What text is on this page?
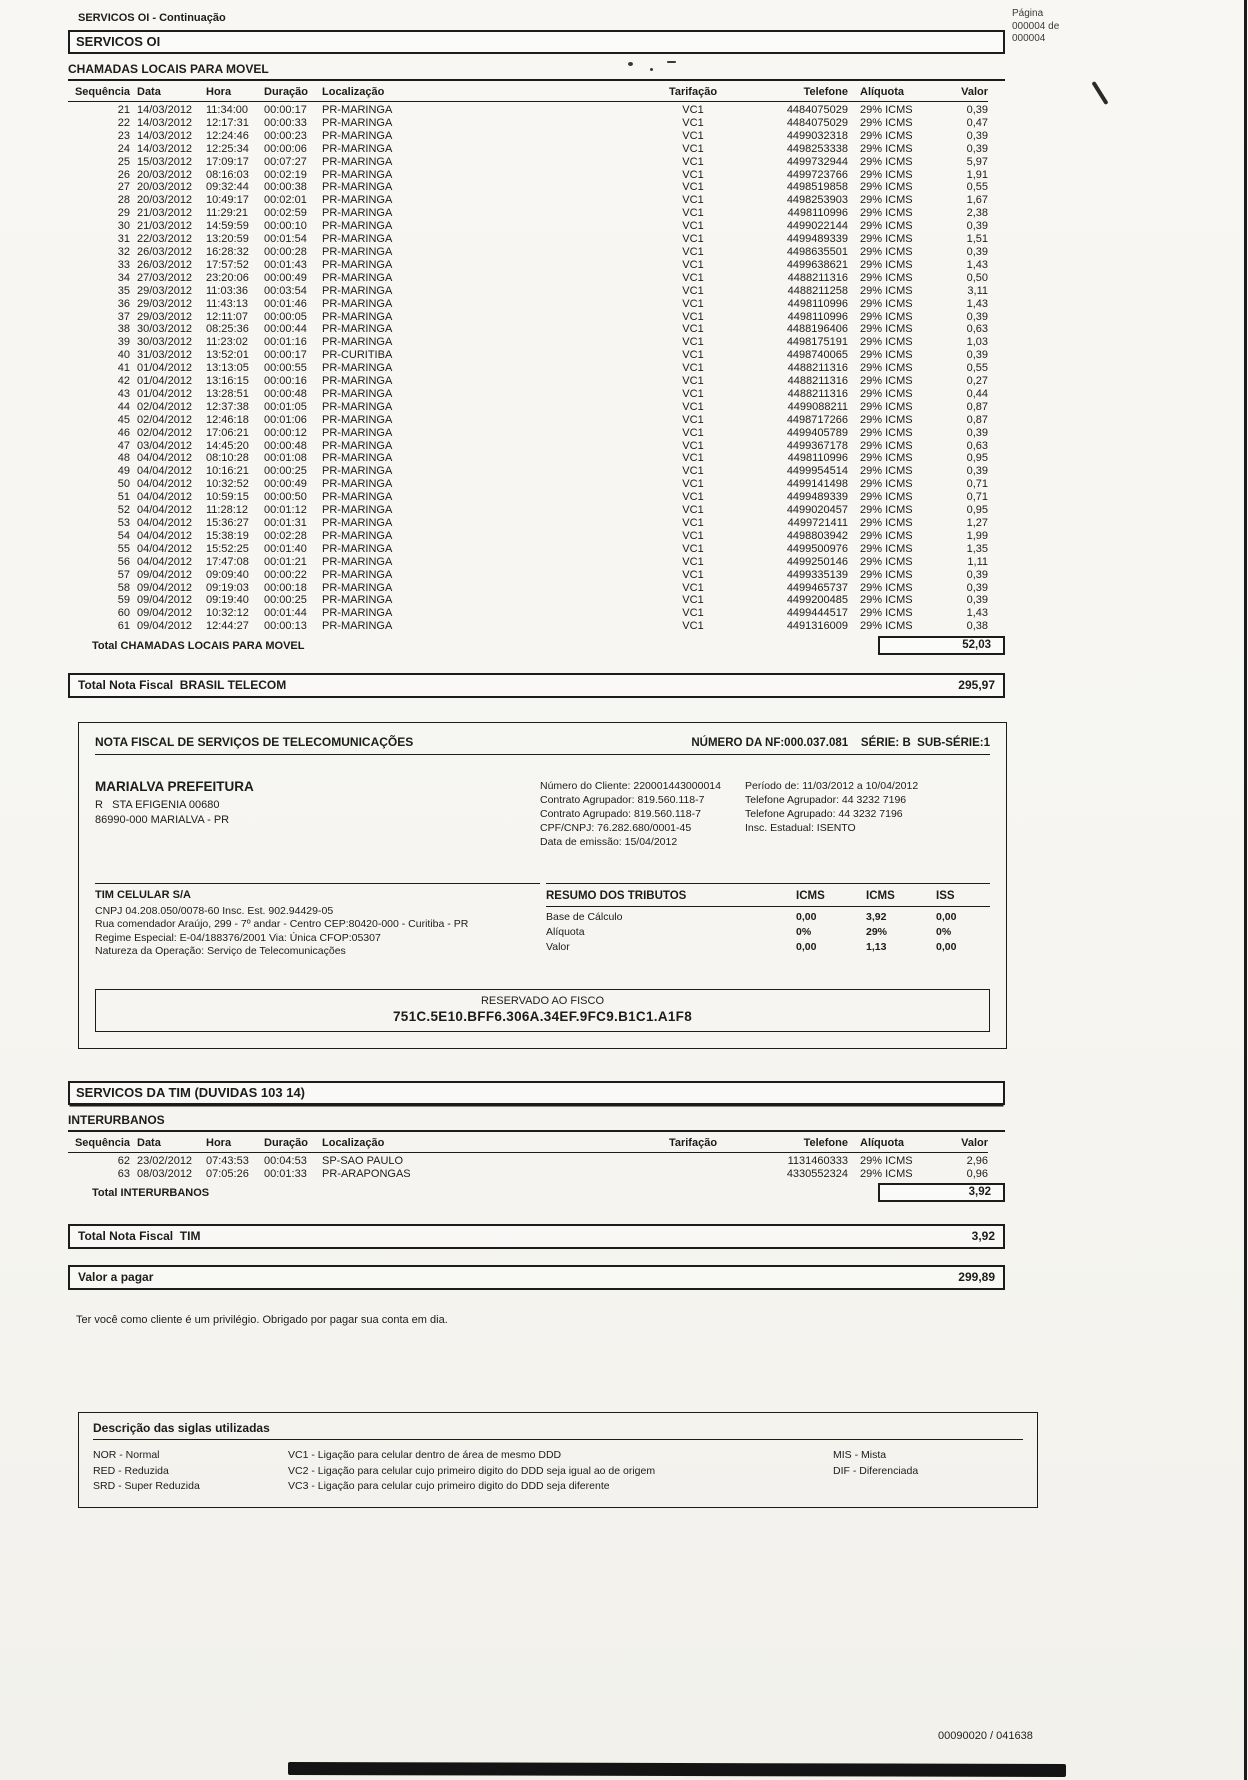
SERVICOS OI - Continuação	Página
000004 de
000004
SERVICOS OI
CHAMADAS LOCAIS PARA MOVEL
Sequência	Data	Hora	Duração	Localização	Tarifação	Telefone	Alíquota	Valor
21	14/03/2012	11:34:00	00:00:17	PR-MARINGA	VC1	4484075029	29% ICMS	0,39
22	14/03/2012	12:17:31	00:00:33	PR-MARINGA	VC1	4484075029	29% ICMS	0,47
23	14/03/2012	12:24:46	00:00:23	PR-MARINGA	VC1	4499032318	29% ICMS	0,39
24	14/03/2012	12:25:34	00:00:06	PR-MARINGA	VC1	4498253338	29% ICMS	0,39
25	15/03/2012	17:09:17	00:07:27	PR-MARINGA	VC1	4499732944	29% ICMS	5,97
26	20/03/2012	08:16:03	00:02:19	PR-MARINGA	VC1	4499723766	29% ICMS	1,91
27	20/03/2012	09:32:44	00:00:38	PR-MARINGA	VC1	4498519858	29% ICMS	0,55
28	20/03/2012	10:49:17	00:02:01	PR-MARINGA	VC1	4498253903	29% ICMS	1,67
29	21/03/2012	11:29:21	00:02:59	PR-MARINGA	VC1	4498110996	29% ICMS	2,38
30	21/03/2012	14:59:59	00:00:10	PR-MARINGA	VC1	4499022144	29% ICMS	0,39
31	22/03/2012	13:20:59	00:01:54	PR-MARINGA	VC1	4499489339	29% ICMS	1,51
32	26/03/2012	16:28:32	00:00:28	PR-MARINGA	VC1	4498635501	29% ICMS	0,39
33	26/03/2012	17:57:52	00:01:43	PR-MARINGA	VC1	4499638621	29% ICMS	1,43
34	27/03/2012	23:20:06	00:00:49	PR-MARINGA	VC1	4488211316	29% ICMS	0,50
35	29/03/2012	11:03:36	00:03:54	PR-MARINGA	VC1	4488211258	29% ICMS	3,11
36	29/03/2012	11:43:13	00:01:46	PR-MARINGA	VC1	4498110996	29% ICMS	1,43
37	29/03/2012	12:11:07	00:00:05	PR-MARINGA	VC1	4498110996	29% ICMS	0,39
38	30/03/2012	08:25:36	00:00:44	PR-MARINGA	VC1	4488196406	29% ICMS	0,63
39	30/03/2012	11:23:02	00:01:16	PR-MARINGA	VC1	4498175191	29% ICMS	1,03
40	31/03/2012	13:52:01	00:00:17	PR-CURITIBA	VC1	4498740065	29% ICMS	0,39
41	01/04/2012	13:13:05	00:00:55	PR-MARINGA	VC1	4488211316	29% ICMS	0,55
42	01/04/2012	13:16:15	00:00:16	PR-MARINGA	VC1	4488211316	29% ICMS	0,27
43	01/04/2012	13:28:51	00:00:48	PR-MARINGA	VC1	4488211316	29% ICMS	0,44
44	02/04/2012	12:37:38	00:01:05	PR-MARINGA	VC1	4499088211	29% ICMS	0,87
45	02/04/2012	12:46:18	00:01:06	PR-MARINGA	VC1	4498717266	29% ICMS	0,87
46	02/04/2012	17:06:21	00:00:12	PR-MARINGA	VC1	4499405789	29% ICMS	0,39
47	03/04/2012	14:45:20	00:00:48	PR-MARINGA	VC1	4499367178	29% ICMS	0,63
48	04/04/2012	08:10:28	00:01:08	PR-MARINGA	VC1	4498110996	29% ICMS	0,95
49	04/04/2012	10:16:21	00:00:25	PR-MARINGA	VC1	4499954514	29% ICMS	0,39
50	04/04/2012	10:32:52	00:00:49	PR-MARINGA	VC1	4499141498	29% ICMS	0,71
51	04/04/2012	10:59:15	00:00:50	PR-MARINGA	VC1	4499489339	29% ICMS	0,71
52	04/04/2012	11:28:12	00:01:12	PR-MARINGA	VC1	4499020457	29% ICMS	0,95
53	04/04/2012	15:36:27	00:01:31	PR-MARINGA	VC1	4499721411	29% ICMS	1,27
54	04/04/2012	15:38:19	00:02:28	PR-MARINGA	VC1	4498803942	29% ICMS	1,99
55	04/04/2012	15:52:25	00:01:40	PR-MARINGA	VC1	4499500976	29% ICMS	1,35
56	04/04/2012	17:47:08	00:01:21	PR-MARINGA	VC1	4499250146	29% ICMS	1,11
57	09/04/2012	09:09:40	00:00:22	PR-MARINGA	VC1	4499335139	29% ICMS	0,39
58	09/04/2012	09:19:03	00:00:18	PR-MARINGA	VC1	4499465737	29% ICMS	0,39
59	09/04/2012	09:19:40	00:00:25	PR-MARINGA	VC1	4499200485	29% ICMS	0,39
60	09/04/2012	10:32:12	00:01:44	PR-MARINGA	VC1	4499444517	29% ICMS	1,43
61	09/04/2012	12:44:27	00:00:13	PR-MARINGA	VC1	4491316009	29% ICMS	0,38
Total CHAMADAS LOCAIS PARA MOVEL	52,03
Total Nota Fiscal  BRASIL TELECOM	295,97
NOTA FISCAL DE SERVIÇOS DE TELECOMUNICAÇÕES	NÚMERO DA NF:000.037.081    SÉRIE: B  SUB-SÉRIE:1
MARIALVA PREFEITURA
R   STA EFIGENIA 00680
86990-000 MARIALVA - PR
Número do Cliente: 220001443000014
Contrato Agrupador: 819.560.118-7
Contrato Agrupado: 819.560.118-7
CPF/CNPJ: 76.282.680/0001-45
Data de emissão: 15/04/2012
Período de: 11/03/2012 a 10/04/2012
Telefone Agrupador: 44 3232 7196
Telefone Agrupado: 44 3232 7196
Insc. Estadual: ISENTO
TIM CELULAR S/A
CNPJ 04.208.050/0078-60 Insc. Est. 902.94429-05
Rua comendador Araújo, 299 - 7º andar - Centro CEP:80420-000 - Curitiba - PR
Regime Especial: E-04/188376/2001 Via: Única CFOP:05307
Natureza da Operação: Serviço de Telecomunicações
RESUMO DOS TRIBUTOS	ICMS	ICMS	ISS
Base de Cálculo	0,00	3,92	0,00
Alíquota	0%	29%	0%
Valor	0,00	1,13	0,00
RESERVADO AO FISCO
751C.5E10.BFF6.306A.34EF.9FC9.B1C1.A1F8
SERVICOS DA TIM (DUVIDAS 103 14)
INTERURBANOS
Sequência	Data	Hora	Duração	Localização	Tarifação	Telefone	Alíquota	Valor
62	23/02/2012	07:43:53	00:04:53	SP-SAO PAULO		1131460333	29% ICMS	2,96
63	08/03/2012	07:05:26	00:01:33	PR-ARAPONGAS		4330552324	29% ICMS	0,96
Total INTERURBANOS	3,92
Total Nota Fiscal  TIM	3,92
Valor a pagar	299,89
Ter você como cliente é um privilégio. Obrigado por pagar sua conta em dia.
Descrição das siglas utilizadas
NOR - Normal
RED - Reduzida
SRD - Super Reduzida
VC1 - Ligação para celular dentro de área de mesmo DDD
VC2 - Ligação para celular cujo primeiro digito do DDD seja igual ao de origem
VC3 - Ligação para celular cujo primeiro digito do DDD seja diferente
MIS - Mista
DIF - Diferenciada
00090020 / 041638
